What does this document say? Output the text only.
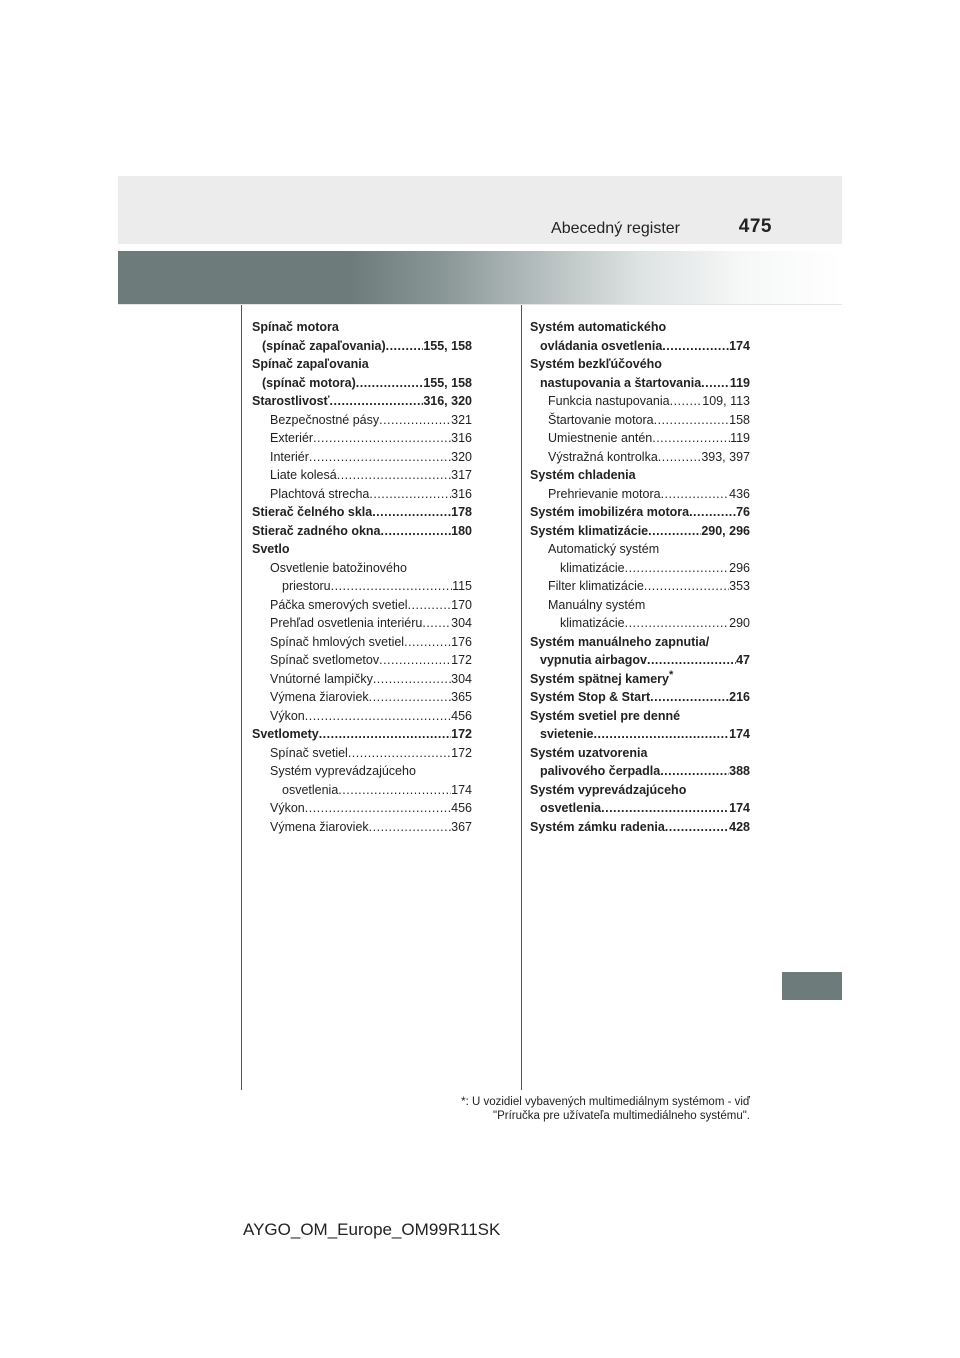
Abecedný register	475
Spínač motora
(spínač zapaľovania) .....	155, 158
Spínač zapaľovania
(spínač motora) .....	155, 158
Starostlivosť .....	316, 320
Bezpečnostné pásy .....	321
Exteriér .....	316
Interiér .....	320
Liate kolesá .....	317
Plachtová strecha .....	316
Stierač čelného skla .....	178
Stierač zadného okna .....	180
Svetlo
Osvetlenie batožinového
priestoru .....	115
Páčka smerových svetiel .....	170
Prehľad osvetlenia interiéru ..... 304
Spínač hmlových svetiel .....	176
Spínač svetlometov .....	172
Vnútorné lampičky .....	304
Výmena žiaroviek .....	365
Výkon .....	456
Svetlomety .....	172
Spínač svetiel .....	172
Systém vyprevádzajúceho
osvetlenia .....	174
Výkon .....	456
Výmena žiaroviek .....	367
Systém automatického
ovládania osvetlenia .....	174
Systém bezkľúčového
nastupovania a štartovania ..... 119
Funkcia nastupovania .....	109, 113
Štartovanie motora .....	158
Umiestnenie antén .....	119
Výstražná kontrolka .....	393, 397
Systém chladenia
Prehrievanie motora .....	436
Systém imobilizéra motora .....	76
Systém klimatizácie .....	290, 296
Automatický systém
klimatizácie .....	296
Filter klimatizácie .....	353
Manuálny systém
klimatizácie .....	290
Systém manuálneho zapnutia/
vypnutia airbagov .....	47
Systém spätnej kamery*
Systém Stop & Start .....	216
Systém svetiel pre denné
svietenie .....	174
Systém uzatvorenia
palivového čerpadla .....	388
Systém vyprevádzajúceho
osvetlenia .....	174
Systém zámku radenia .....	428
*: U vozidiel vybavených multimediálnym systémom - viď
"Príručka pre užívateľa multimediálneho systému".
AYGO_OM_Europe_OM99R11SK
